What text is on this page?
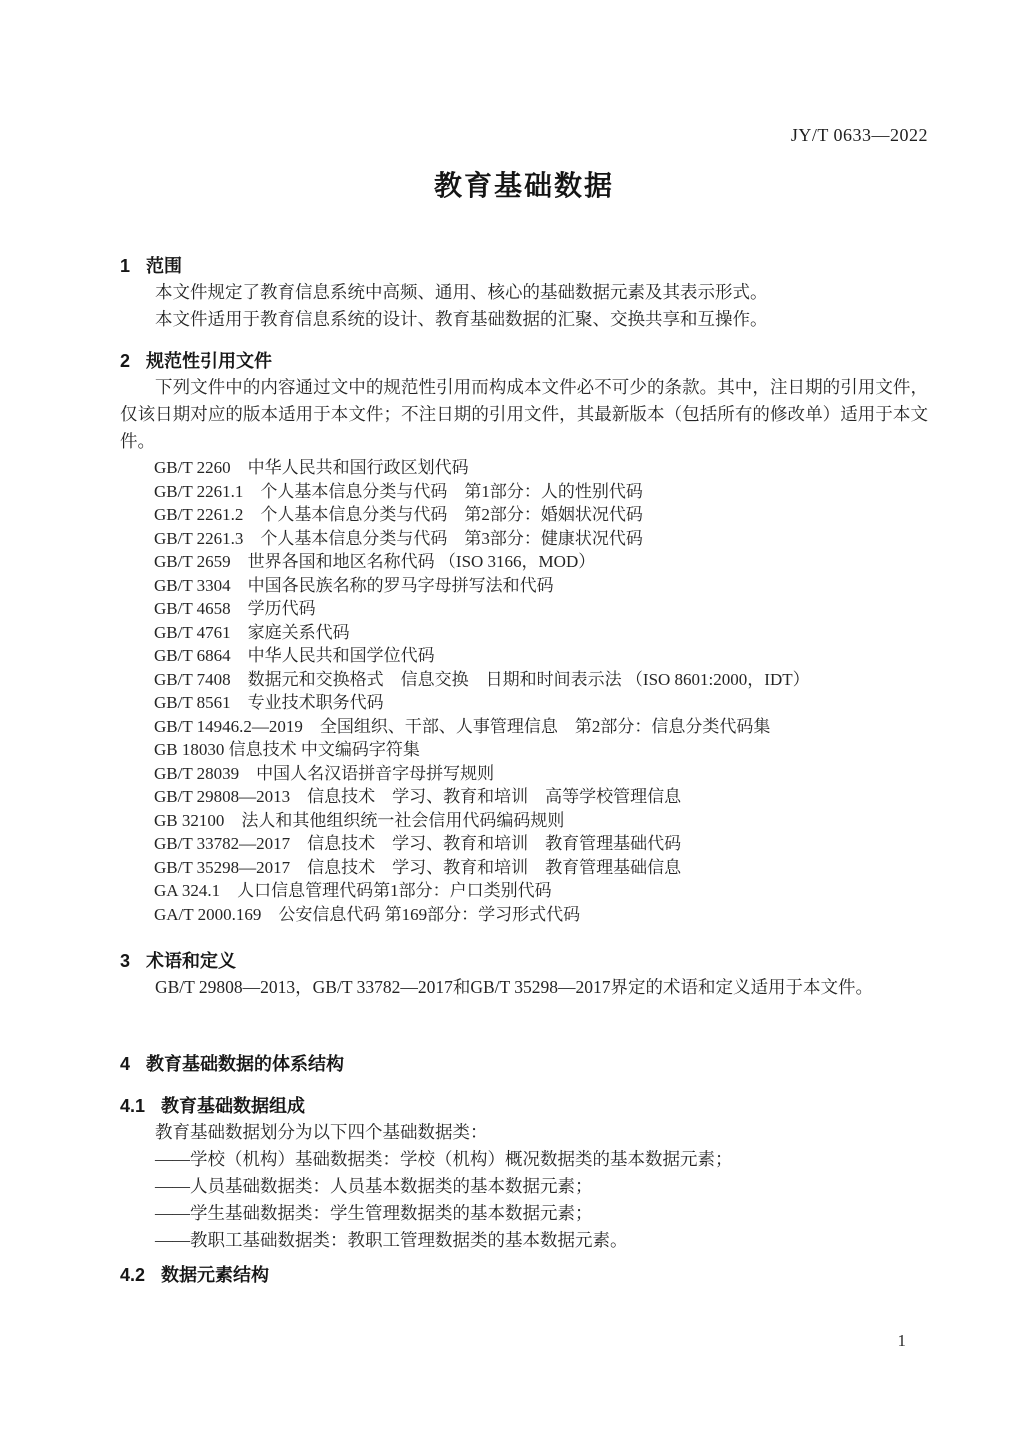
JY/T 0633—2022
教育基础数据
1 范围

本文件规定了教育信息系统中高频、通用、核心的基础数据元素及其表示形式。

本文件适用于教育信息系统的设计、教育基础数据的汇聚、交换共享和互操作。

2 规范性引用文件

下列文件中的内容通过文中的规范性引用而构成本文件必不可少的条款。其中，注日期的引用文件，仅该日期对应的版本适用于本文件；不注日期的引用文件，其最新版本（包括所有的修改单）适用于本文件。

GB/T 2260　中华人民共和国行政区划代码
GB/T 2261.1　个人基本信息分类与代码　第1部分：人的性别代码
GB/T 2261.2　个人基本信息分类与代码　第2部分：婚姻状况代码
GB/T 2261.3　个人基本信息分类与代码　第3部分：健康状况代码
GB/T 2659　世界各国和地区名称代码 （ISO 3166，MOD）
GB/T 3304　中国各民族名称的罗马字母拼写法和代码
GB/T 4658　学历代码
GB/T 4761　家庭关系代码
GB/T 6864　中华人民共和国学位代码
GB/T 7408　数据元和交换格式　信息交换　日期和时间表示法 （ISO 8601:2000，IDT）
GB/T 8561　专业技术职务代码
GB/T 14946.2—2019　全国组织、干部、人事管理信息　第2部分：信息分类代码集
GB 18030 信息技术 中文编码字符集
GB/T 28039　中国人名汉语拼音字母拼写规则
GB/T 29808—2013　信息技术　学习、教育和培训　高等学校管理信息
GB 32100　法人和其他组织统一社会信用代码编码规则
GB/T 33782—2017　信息技术　学习、教育和培训　教育管理基础代码
GB/T 35298—2017　信息技术　学习、教育和培训　教育管理基础信息
GA 324.1　人口信息管理代码第1部分：户口类别代码
GA/T 2000.169　公安信息代码 第169部分：学习形式代码
3 术语和定义

GB/T 29808—2013，GB/T 33782—2017和GB/T 35298—2017界定的术语和定义适用于本文件。

4 教育基础数据的体系结构
4.1 教育基础数据组成

教育基础数据划分为以下四个基础数据类：

——学校（机构）基础数据类：学校（机构）概况数据类的基本数据元素；
——人员基础数据类：人员基本数据类的基本数据元素；
——学生基础数据类：学生管理数据类的基本数据元素；
——教职工基础数据类：教职工管理数据类的基本数据元素。
4.2 数据元素结构
1
